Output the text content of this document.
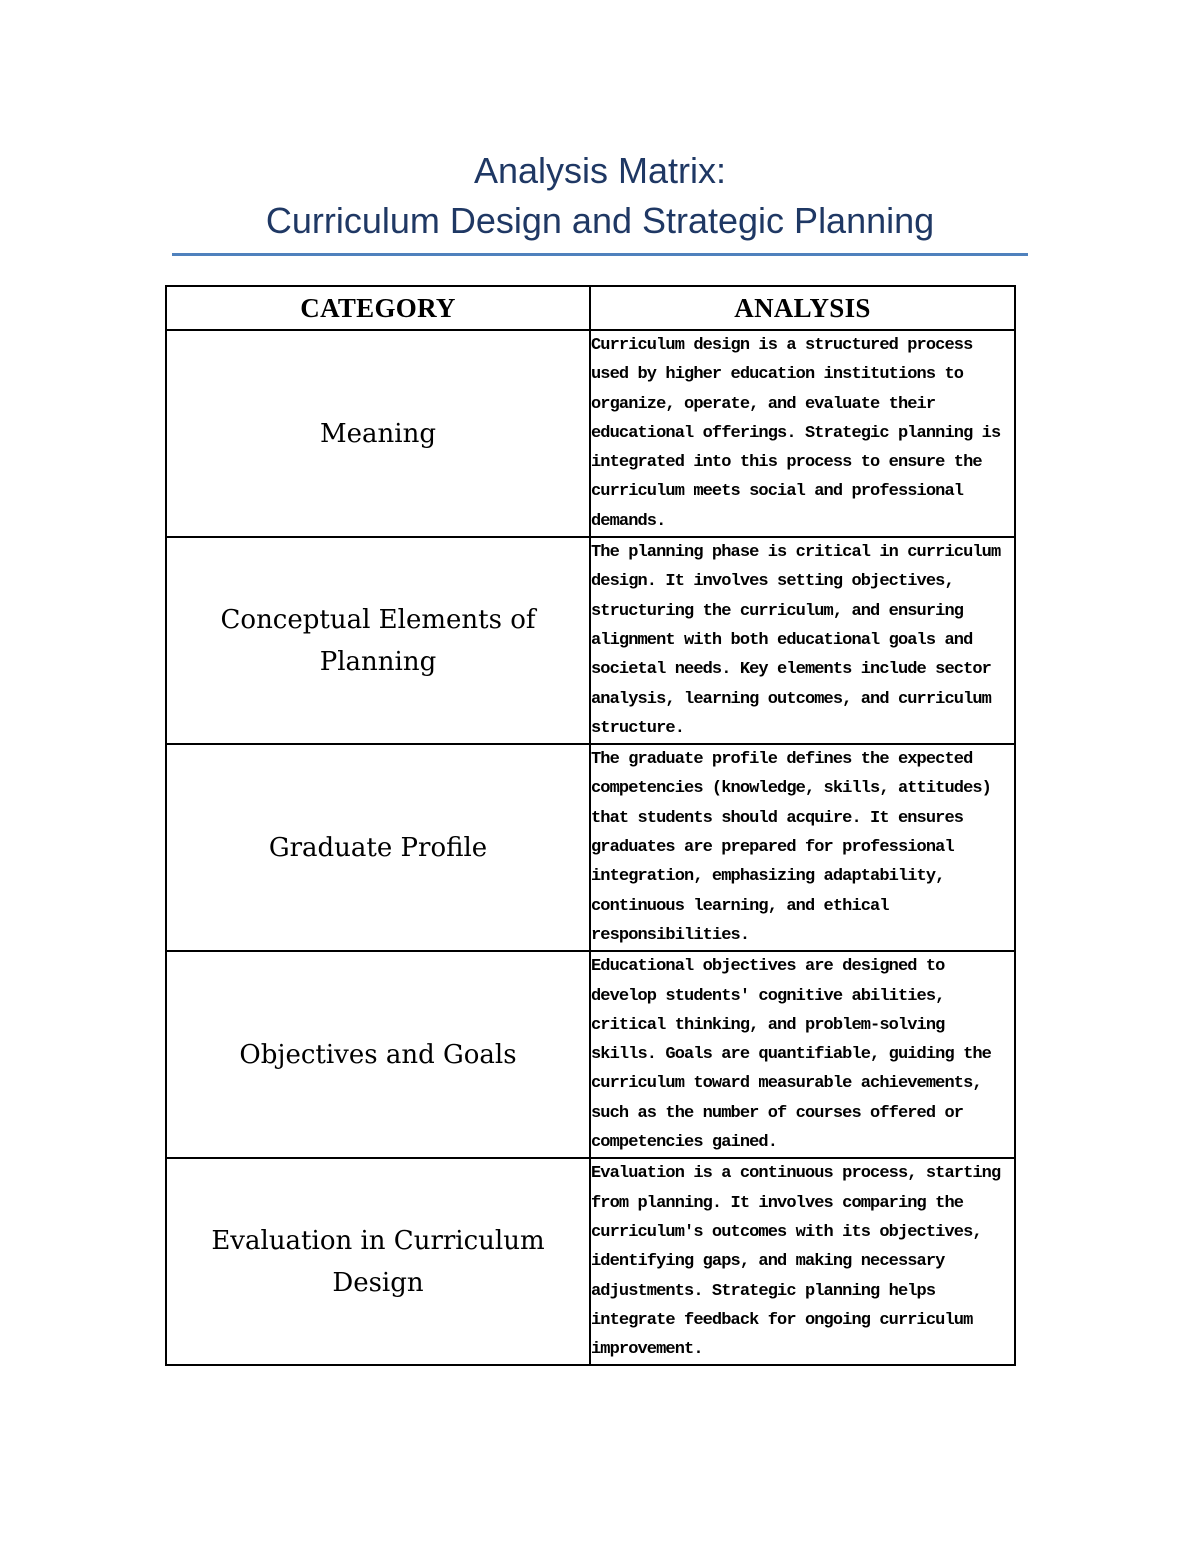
Analysis Matrix:
Curriculum Design and Strategic Planning
CATEGORY	ANALYSIS
Meaning	Curriculum design is a structured process used by higher education institutions to organize, operate, and evaluate their educational offerings. Strategic planning is integrated into this process to ensure the curriculum meets social and professional demands.
Conceptual Elements of Planning	The planning phase is critical in curriculum design. It involves setting objectives, structuring the curriculum, and ensuring alignment with both educational goals and societal needs. Key elements include sector analysis, learning outcomes, and curriculum structure.
Graduate Profile	The graduate profile defines the expected competencies (knowledge, skills, attitudes) that students should acquire. It ensures graduates are prepared for professional integration, emphasizing adaptability, continuous learning, and ethical responsibilities.
Objectives and Goals	Educational objectives are designed to develop students' cognitive abilities, critical thinking, and problem-solving skills. Goals are quantifiable, guiding the curriculum toward measurable achievements, such as the number of courses offered or competencies gained.
Evaluation in Curriculum Design	Evaluation is a continuous process, starting from planning. It involves comparing the curriculum's outcomes with its objectives, identifying gaps, and making necessary adjustments. Strategic planning helps integrate feedback for ongoing curriculum improvement.
